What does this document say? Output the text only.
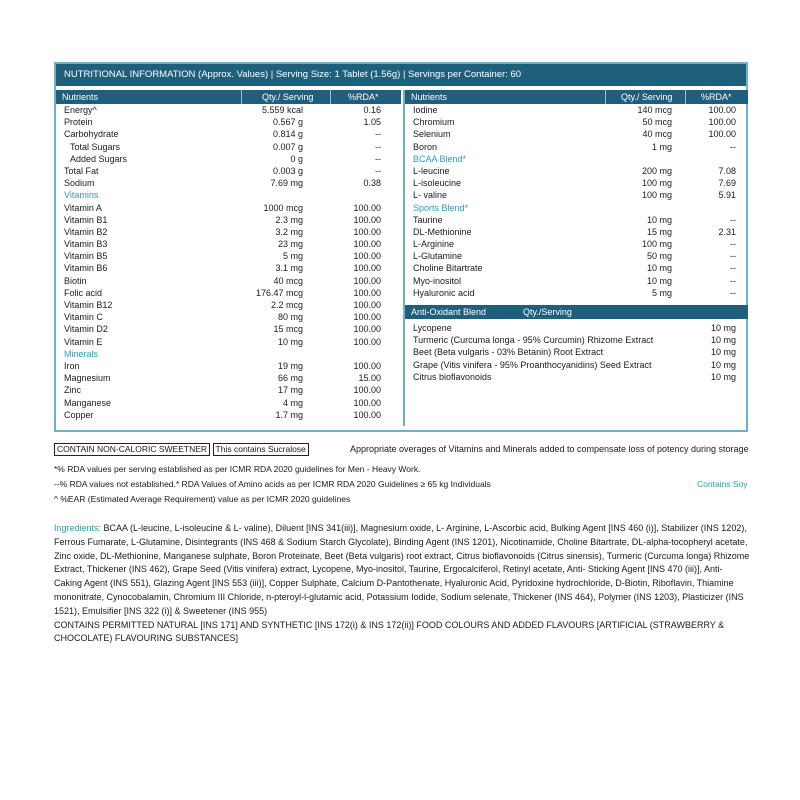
NUTRITIONAL INFORMATION (Approx. Values) | Serving Size: 1 Tablet (1.56g) | Servings per Container: 60
Nutrients	Qty./ Serving	%RDA*
Energy^	5.559 kcal	0.16
Protein	0.567 g	1.05
Carbohydrate	0.814 g	--
Total Sugars	0.007 g	--
Added Sugars	0 g	--
Total Fat	0.003 g	--
Sodium	7.69 mg	0.38
Vitamins
Vitamin A	1000 mcg	100.00
Vitamin B1	2.3 mg	100.00
Vitamin B2	3.2 mg	100.00
Vitamin B3	23 mg	100.00
Vitamin B5	5 mg	100.00
Vitamin B6	3.1 mg	100.00
Biotin	40 mcg	100.00
Folic acid	176.47 mcg	100.00
Vitamin B12	2.2 mcg	100.00
Vitamin C	80 mg	100.00
Vitamin D2	15 mcg	100.00
Vitamin E	10 mg	100.00
Minerals
Iron	19 mg	100.00
Magnesium	66 mg	15.00
Zinc	17 mg	100.00
Manganese	4 mg	100.00
Copper	1.7 mg	100.00
Nutrients	Qty./ Serving	%RDA*
Iodine	140 mcg	100.00
Chromium	50 mcg	100.00
Selenium	40 mcg	100.00
Boron	1 mg	--
BCAA Blend*
L-leucine	200 mg	7.08
L-isoleucine	100 mg	7.69
L- valine	100 mg	5.91
Sports Blend*
Taurine	10 mg	--
DL-Methionine	15 mg	2.31
L-Arginine	100 mg	--
L-Glutamine	50 mg	--
Choline Bitartrate	10 mg	--
Myo-inositol	10 mg	--
Hyaluronic acid	5 mg	--
Anti-Oxidant Blend	Qty./Serving
Lycopene	10 mg
Turmeric (Curcuma longa - 95% Curcumin) Rhizome Extract	10 mg
Beet (Beta vulgaris - 03% Betanin) Root Extract	10 mg
Grape (Vitis vinifera - 95% Proanthocyanidins) Seed Extract	10 mg
Citrus bioflavonoids	10 mg
CONTAIN NON-CALORIC SWEETNER This contains Sucralose	Appropriate overages of Vitamins and Minerals added to compensate loss of potency during storage
*% RDA values per serving established as per ICMR RDA 2020 guidelines for Men - Heavy Work.
--% RDA values not established.* RDA Values of Amino acids as per ICMR RDA 2020 Guidelines ≥ 65 kg Individuals	Contains Soy
^ %EAR (Estimated Average Requirement) value as per ICMR 2020 guidelines
Ingredients: BCAA (L-leucine, L-isoleucine & L- valine), Diluent [INS 341(iii)], Magnesium oxide, L- Arginine, L-Ascorbic acid, Bulking Agent [INS 460 (i)], Stabilizer (INS 1202), Ferrous Fumarate, L-Glutamine, Disintegrants (INS 468 & Sodium Starch Glycolate), Binding Agent (INS 1201), Nicotinamide, Choline Bitartrate, DL-alpha-tocopheryl acetate, Zinc oxide, DL-Methionine, Manganese sulphate, Boron Proteinate, Beet (Beta vulgaris) root extract, Citrus bioflavonoids (Citrus sinensis), Turmeric (Curcuma longa) Rhizome Extract, Thickener (INS 462), Grape Seed (Vitis vinifera) extract, Lycopene, Myo-inositol, Taurine, Ergocalciferol, Retinyl acetate, Anti- Sticking Agent [INS 470 (iii)], Anti-Caking Agent (INS 551), Glazing Agent [INS 553 (iii)], Copper Sulphate, Calcium D-Pantothenate, Hyaluronic Acid, Pyridoxine hydrochloride, D-Biotin, Riboflavin, Thiamine mononitrate, Cynocobalamin, Chromium III Chloride, n-pteroyl-l-glutamic acid, Potassium Iodide, Sodium selenate, Thickener (INS 464), Polymer (INS 1203), Plasticizer (INS 1521), Emulsifier [INS 322 (i)] & Sweetener (INS 955)
CONTAINS PERMITTED NATURAL [INS 171] AND SYNTHETIC [INS 172(i) & INS 172(ii)] FOOD COLOURS AND ADDED FLAVOURS [ARTIFICIAL (STRAWBERRY & CHOCOLATE) FLAVOURING SUBSTANCES]
